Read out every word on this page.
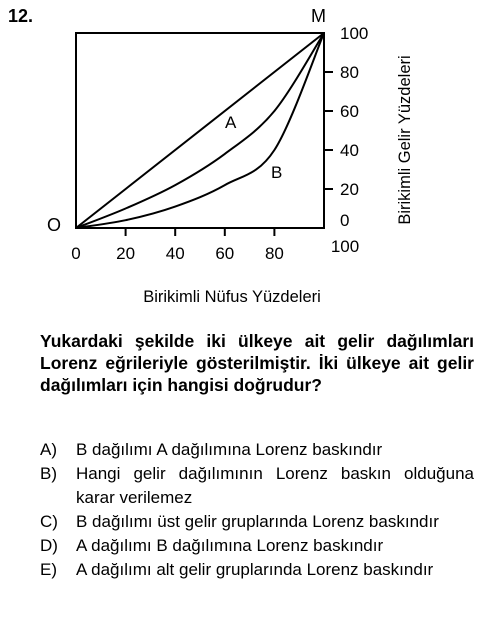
12.
A
B
0 20 40 60 80	100
0
20
40
60
80
100
O
M
Birikimli Nüfus Yüzdeleri
Birikimli Gelir Yüzdeleri
Yukardaki şekilde iki ülkeye ait gelir dağılımları Lorenz eğrileriyle gösterilmiştir. İki ülkeye ait gelir dağılımları için hangisi doğrudur?
A)	B dağılımı A dağılımına Lorenz baskındır
B)	Hangi gelir dağılımının Lorenz baskın olduğuna karar verilemez
C)	B dağılımı üst gelir gruplarında Lorenz baskındır
D)	A dağılımı B dağılımına Lorenz baskındır
E)	A dağılımı alt gelir gruplarında Lorenz baskındır
